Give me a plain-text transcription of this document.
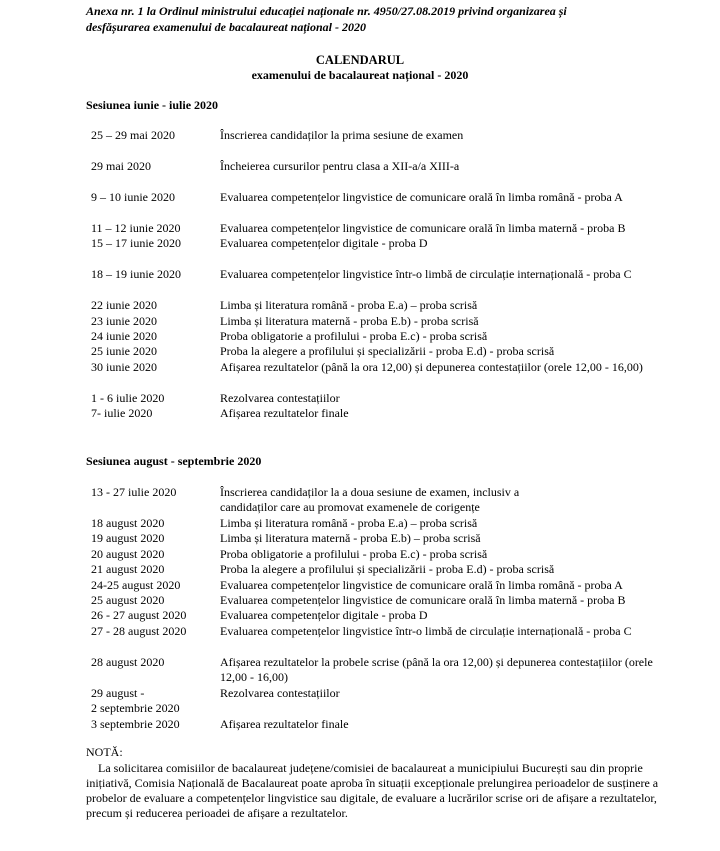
Anexa nr. 1 la Ordinul ministrului educației naționale nr. 4950/27.08.2019 privind organizarea și
desfășurarea examenului de bacalaureat național - 2020
CALENDARUL
examenului de bacalaureat național - 2020
Sesiunea iunie - iulie 2020
25 – 29 mai 2020	Înscrierea candidaților la prima sesiune de examen
29 mai 2020	Încheierea cursurilor pentru clasa a XII-a/a XIII-a
9 – 10 iunie 2020	Evaluarea competențelor lingvistice de comunicare orală în limba română - proba A
11 – 12 iunie 2020	Evaluarea competențelor lingvistice de comunicare orală în limba maternă - proba B
15 – 17 iunie 2020	Evaluarea competențelor digitale - proba D
18 – 19 iunie 2020	Evaluarea competențelor lingvistice într-o limbă de circulație internațională - proba C
22 iunie 2020	Limba și literatura română - proba E.a) – proba scrisă
23 iunie 2020	Limba și literatura maternă - proba E.b) - proba scrisă
24 iunie 2020	Proba obligatorie a profilului - proba E.c) - proba scrisă
25 iunie 2020	Proba la alegere a profilului și specializării - proba E.d) - proba scrisă
30 iunie 2020	Afișarea rezultatelor (până la ora 12,00) și depunerea contestațiilor (orele 12,00 - 16,00)
1 - 6 iulie 2020	Rezolvarea contestațiilor
7- iulie 2020	Afișarea rezultatelor finale
Sesiunea august - septembrie 2020
13 - 27 iulie 2020	Înscrierea candidaților la a doua sesiune de examen, inclusiv a candidaților care au promovat examenele de corigențe
18 august 2020	Limba și literatura română - proba E.a) – proba scrisă
19 august 2020	Limba și literatura maternă - proba E.b) – proba scrisă
20 august 2020	Proba obligatorie a profilului - proba E.c) - proba scrisă
21 august 2020	Proba la alegere a profilului și specializării - proba E.d) - proba scrisă
24-25 august 2020	Evaluarea competențelor lingvistice de comunicare orală în limba română - proba A
25 august 2020	Evaluarea competențelor lingvistice de comunicare orală în limba maternă - proba B
26 - 27 august 2020	Evaluarea competențelor digitale - proba D
27 - 28 august 2020	Evaluarea competențelor lingvistice într-o limbă de circulație internațională - proba C
28 august 2020	Afișarea rezultatelor la probele scrise (până la ora 12,00) și depunerea contestațiilor (orele 12,00 - 16,00)
29 august -	Rezolvarea contestațiilor
2 septembrie 2020
3 septembrie 2020	Afișarea rezultatelor finale
NOTĂ:
La solicitarea comisiilor de bacalaureat județene/comisiei de bacalaureat a municipiului București sau din proprie inițiativă, Comisia Națională de Bacalaureat poate aproba în situații excepționale prelungirea perioadelor de susținere a probelor de evaluare a competențelor lingvistice sau digitale, de evaluare a lucrărilor scrise ori de afișare a rezultatelor, precum și reducerea perioadei de afișare a rezultatelor.
